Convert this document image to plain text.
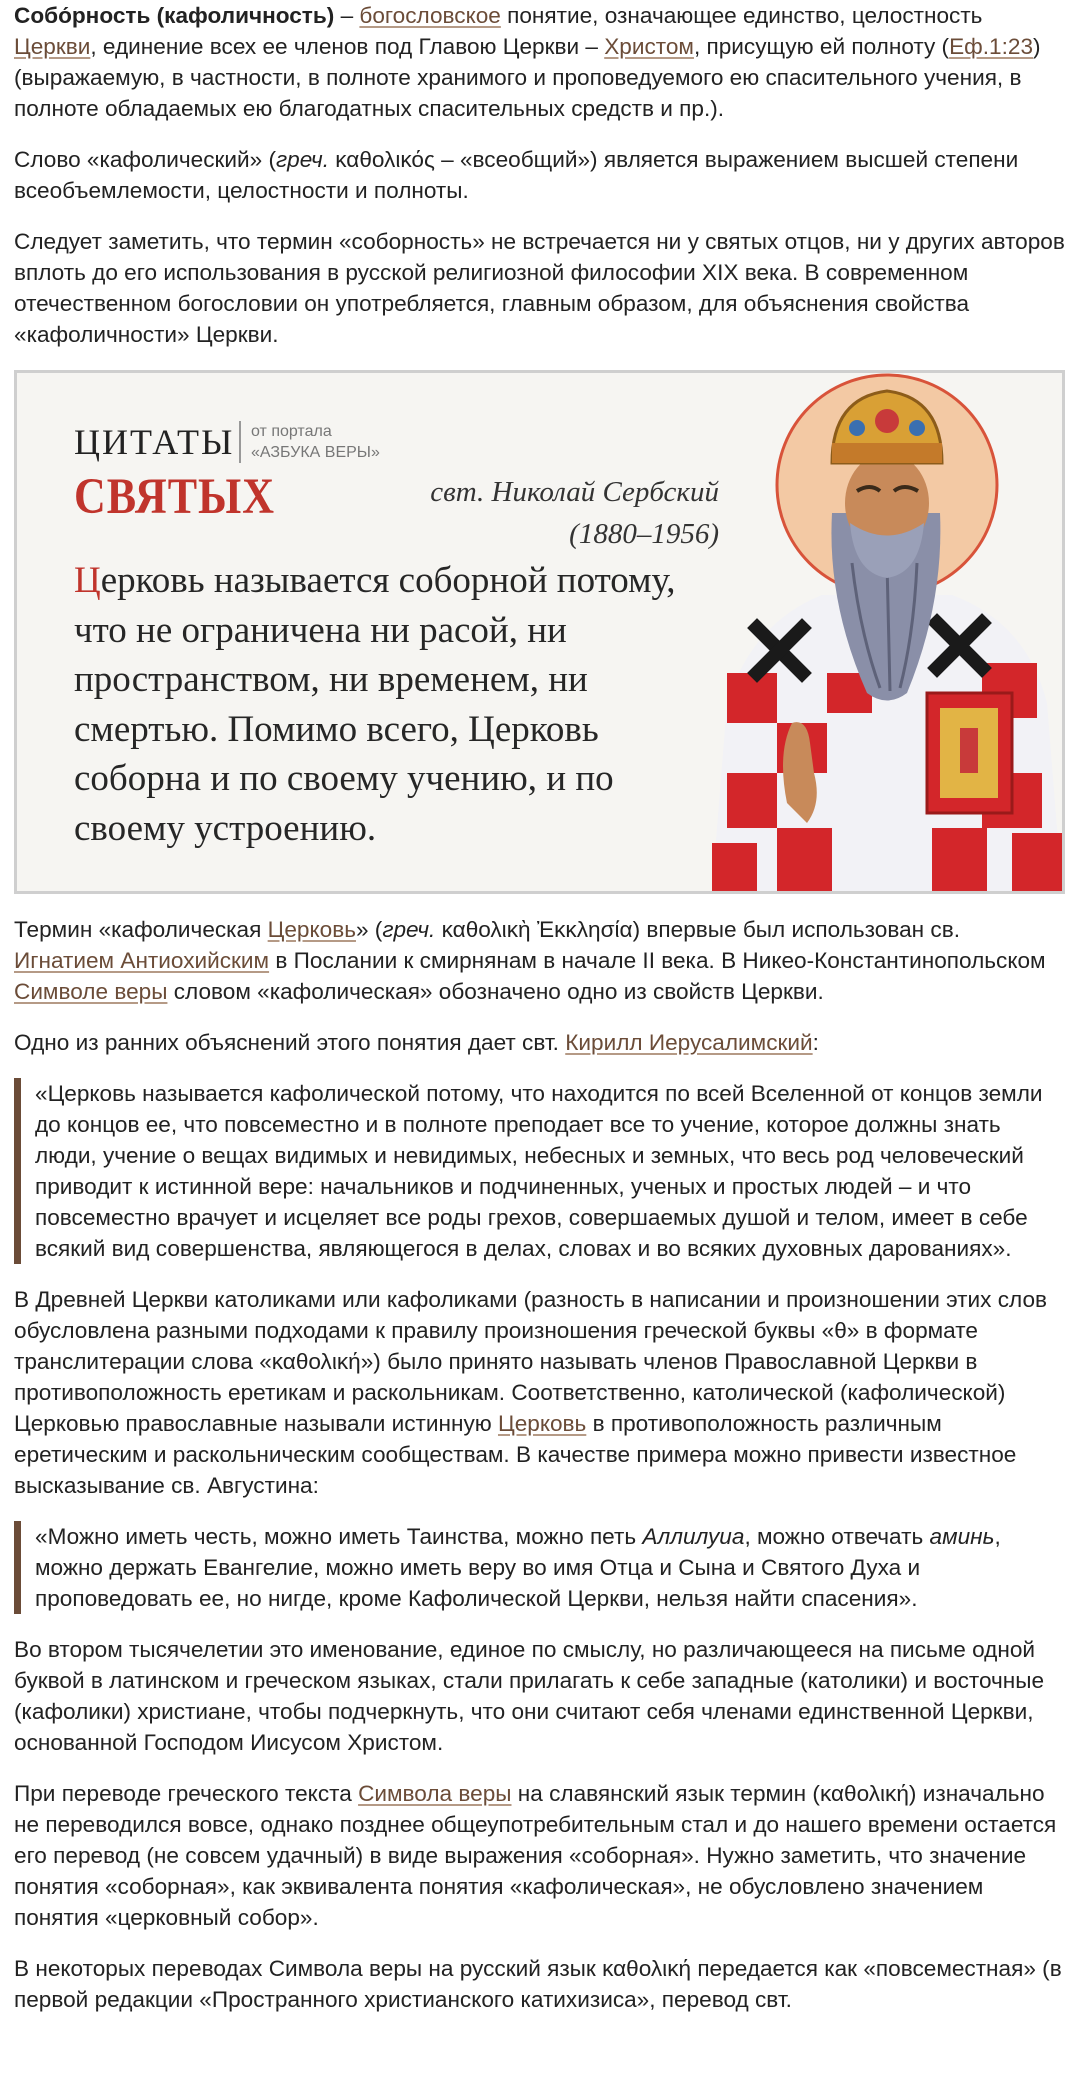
Собо́рность (кафоличность) – богословское понятие, означающее единство, целостность Церкви, единение всех ее членов под Главою Церкви – Христом, присущую ей полноту (Еф.1:23) (выражаемую, в частности, в полноте хранимого и проповедуемого ею спасительного учения, в полноте обладаемых ею благодатных спасительных средств и пр.).

Слово «кафолический» (греч. καθολικός – «всеобщий») является выражением высшей степени всеобъемлемости, целостности и полноты.

Следует заметить, что термин «соборность» не встречается ни у святых отцов, ни у других авторов вплоть до его использования в русской религиозной философии XIX века. В современном отечественном богословии он употребляется, главным образом, для объяснения свойства «кафоличности» Церкви.

ЦИТАТЫ
СВЯТЫХ
от портала
«АЗБУКА ВЕРЫ»
свт. Николай Сербский
(1880–1956)
Церковь называется соборной потому, что не ограничена ни расой, ни пространством, ни временем, ни смертью. Помимо всего, Церковь соборна и по своему учению, и по своему устроению.

Термин «кафолическая Церковь» (греч. καθολικὴ Ἐκκλησία) впервые был использован св. Игнатием Антиохийским в Послании к смирнянам в начале II века. В Никео-Константинопольском Символе веры словом «кафолическая» обозначено одно из свойств Церкви.

Одно из ранних объяснений этого понятия дает свт. Кирилл Иерусалимский:

«Церковь называется кафолической потому, что находится по всей Вселенной от концов земли до концов ее, что повсеместно и в полноте преподает все то учение, которое должны знать люди, учение о вещах видимых и невидимых, небесных и земных, что весь род человеческий приводит к истинной вере: начальников и подчиненных, ученых и простых людей – и что повсеместно врачует и исцеляет все роды грехов, совершаемых душой и телом, имеет в себе всякий вид совершенства, являющегося в делах, словах и во всяких духовных дарованиях».

В Древней Церкви католиками или кафоликами (разность в написании и произношении этих слов обусловлена разными подходами к правилу произношения греческой буквы «θ» в формате транслитерации слова «καθολική») было принято называть членов Православной Церкви в противоположность еретикам и раскольникам. Соответственно, католической (кафолической) Церковью православные называли истинную Церковь в противоположность различным еретическим и раскольническим сообществам. В качестве примера можно привести известное высказывание св. Августина:

«Можно иметь честь, можно иметь Таинства, можно петь Аллилуиа, можно отвечать аминь, можно держать Евангелие, можно иметь веру во имя Отца и Сына и Святого Духа и проповедовать ее, но нигде, кроме Кафолической Церкви, нельзя найти спасения».

Во втором тысячелетии это именование, единое по смыслу, но различающееся на письме одной буквой в латинском и греческом языках, стали прилагать к себе западные (католики) и восточные (кафолики) христиане, чтобы подчеркнуть, что они считают себя членами единственной Церкви, основанной Господом Иисусом Христом.

При переводе греческого текста Символа веры на славянский язык термин (καθολική) изначально не переводился вовсе, однако позднее общеупотребительным стал и до нашего времени остается его перевод (не совсем удачный) в виде выражения «соборная». Нужно заметить, что значение понятия «соборная», как эквивалента понятия «кафолическая», не обусловлено значением понятия «церковный собор».

В некоторых переводах Символа веры на русский язык καθολική передается как «повсеместная» (в первой редакции «Пространного христианского катихизиса», перевод свт.
